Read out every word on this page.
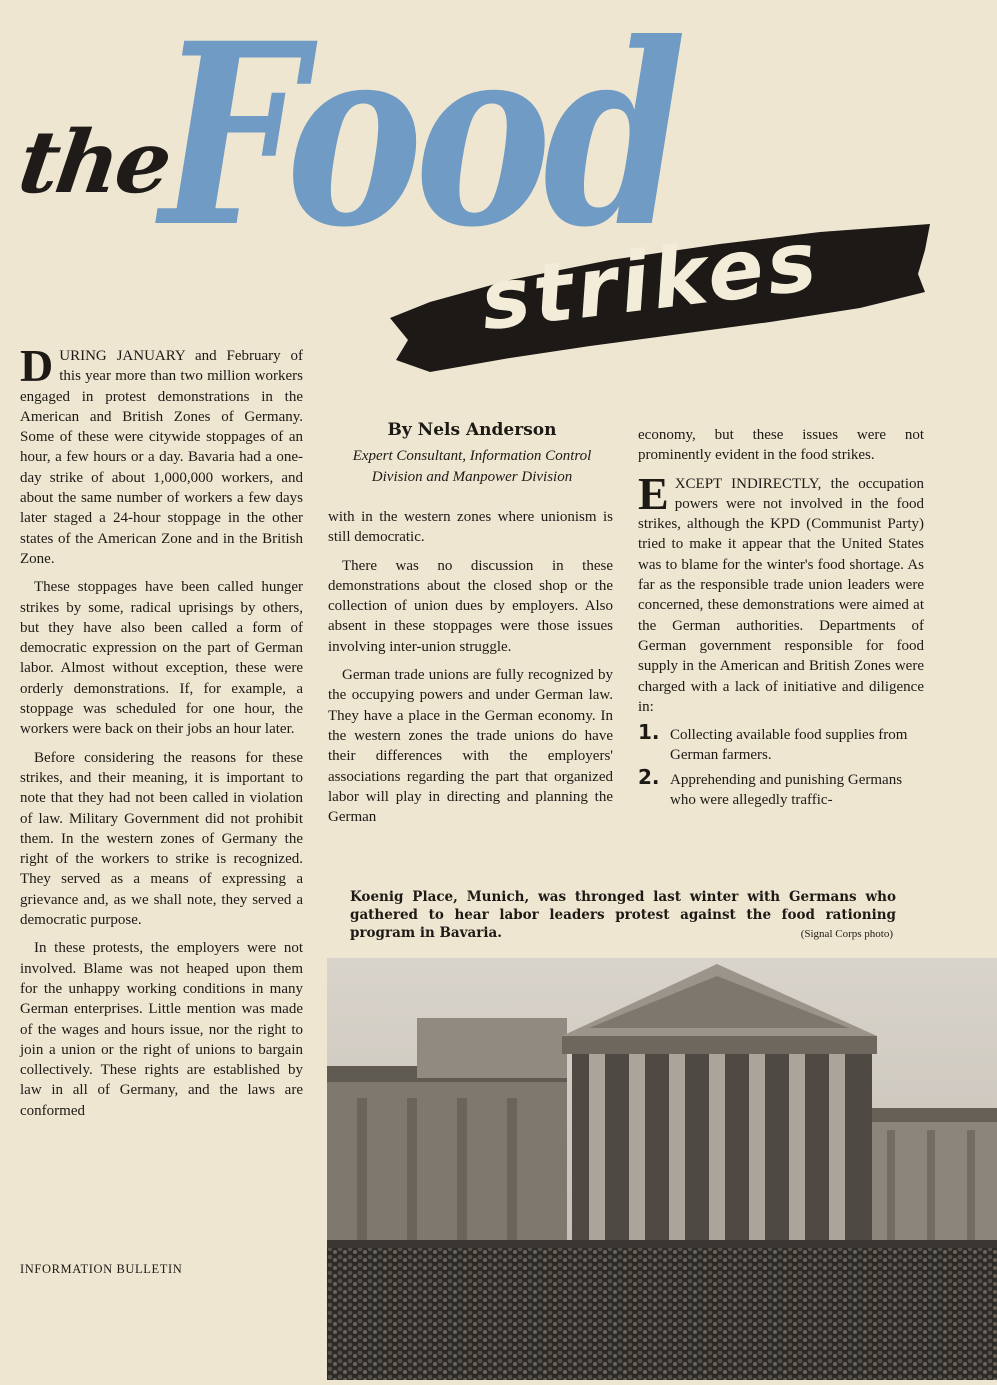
the
Food
strikes

DURING JANUARY and February of this year more than two million workers engaged in protest demonstrations in the American and British Zones of Germany. Some of these were citywide stoppages of an hour, a few hours or a day. Bavaria had a one-day strike of about 1,000,000 workers, and about the same number of workers a few days later staged a 24-hour stoppage in the other states of the American Zone and in the British Zone.

These stoppages have been called hunger strikes by some, radical uprisings by others, but they have also been called a form of democratic expression on the part of German labor. Almost without exception, these were orderly demonstrations. If, for example, a stoppage was scheduled for one hour, the workers were back on their jobs an hour later.

Before considering the reasons for these strikes, and their meaning, it is important to note that they had not been called in violation of law. Military Government did not prohibit them. In the western zones of Germany the right of the workers to strike is recognized. They served as a means of expressing a grievance and, as we shall note, they served a democratic purpose.

In these protests, the employers were not involved. Blame was not heaped upon them for the unhappy working conditions in many German enterprises. Little mention was made of the wages and hours issue, nor the right to join a union or the right of unions to bargain collectively. These rights are established by law in all of Germany, and the laws are conformed

By Nels Anderson
Expert Consultant, Information Control
Division and Manpower Division

with in the western zones where unionism is still democratic.

There was no discussion in these demonstrations about the closed shop or the collection of union dues by employers. Also absent in these stoppages were those issues involving inter-union struggle.

German trade unions are fully recognized by the occupying powers and under German law. They have a place in the German economy. In the western zones the trade unions do have their differences with the employers' associations regarding the part that organized labor will play in directing and planning the German

economy, but these issues were not prominently evident in the food strikes.

EXCEPT INDIRECTLY, the occupation powers were not involved in the food strikes, although the KPD (Communist Party) tried to make it appear that the United States was to blame for the winter's food shortage. As far as the responsible trade union leaders were concerned, these demonstrations were aimed at the German authorities. Departments of German government responsible for food supply in the American and British Zones were charged with a lack of initiative and diligence in:

1. Collecting available food supplies from German farmers.
2. Apprehending and punishing Germans who were allegedly traffic-
Koenig Place, Munich, was thronged last winter with Germans who gathered to hear labor leaders protest against the food rationing program in Bavaria.	(Signal Corps photo)
INFORMATION BULLETIN
